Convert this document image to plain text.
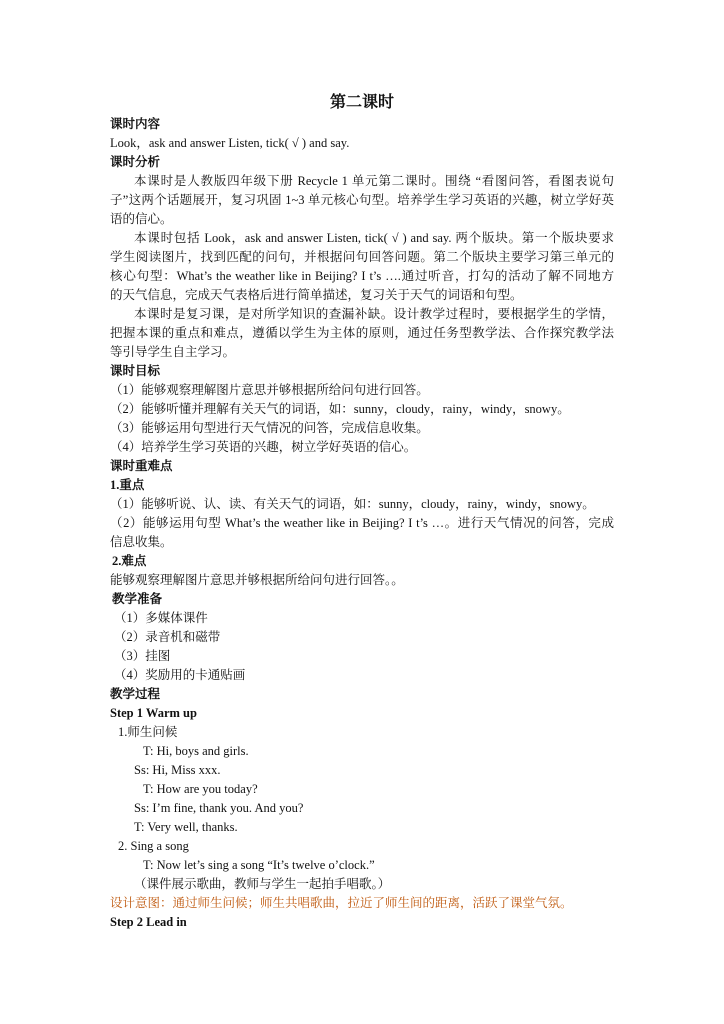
第二课时
课时内容
Look，ask and answer Listen, tick( √ ) and say.
课时分析
本课时是人教版四年级下册 Recycle 1 单元第二课时。围绕 “看图问答，看图表说句
子”这两个话题展开，复习巩固 1~3 单元核心句型。培养学生学习英语的兴趣，树立学好英
语的信心。
本课时包括 Look，ask and answer Listen, tick( √ ) and say. 两个版块。第一个版块要求
学生阅读图片，找到匹配的问句，并根据问句回答问题。第二个版块主要学习第三单元的
核心句型：What’s the weather like in Beijing? I t’s ….通过听音，打勾的活动了解不同地方
的天气信息，完成天气表格后进行简单描述，复习关于天气的词语和句型。
本课时是复习课，是对所学知识的查漏补缺。设计教学过程时，要根据学生的学情，
把握本课的重点和难点，遵循以学生为主体的原则，通过任务型教学法、合作探究教学法
等引导学生自主学习。
课时目标
（1）能够观察理解图片意思并够根据所给问句进行回答。
（2）能够听懂并理解有关天气的词语，如：sunny，cloudy，rainy，windy，snowy。
（3）能够运用句型进行天气情况的问答，完成信息收集。
（4）培养学生学习英语的兴趣，树立学好英语的信心。
课时重难点
1.重点
（1）能够听说、认、读、有关天气的词语，如：sunny，cloudy，rainy，windy，snowy。
（2）能够运用句型 What’s the weather like in Beijing? I t’s …。进行天气情况的问答，完成
信息收集。
2.难点
能够观察理解图片意思并够根据所给问句进行回答。。
教学准备
（1）多媒体课件
（2）录音机和磁带
（3）挂图
（4）奖励用的卡通贴画
教学过程
Step 1 Warm up
1.师生问候
T: Hi, boys and girls.
Ss: Hi, Miss xxx.
T: How are you today?
Ss: I’m fine, thank you. And you?
T: Very well, thanks.
2. Sing a song
T: Now let’s sing a song “It’s twelve o’clock.”
（课件展示歌曲，教师与学生一起拍手唱歌。）
设计意图：通过师生问候；师生共唱歌曲，拉近了师生间的距离，活跃了课堂气氛。
Step 2 Lead in
